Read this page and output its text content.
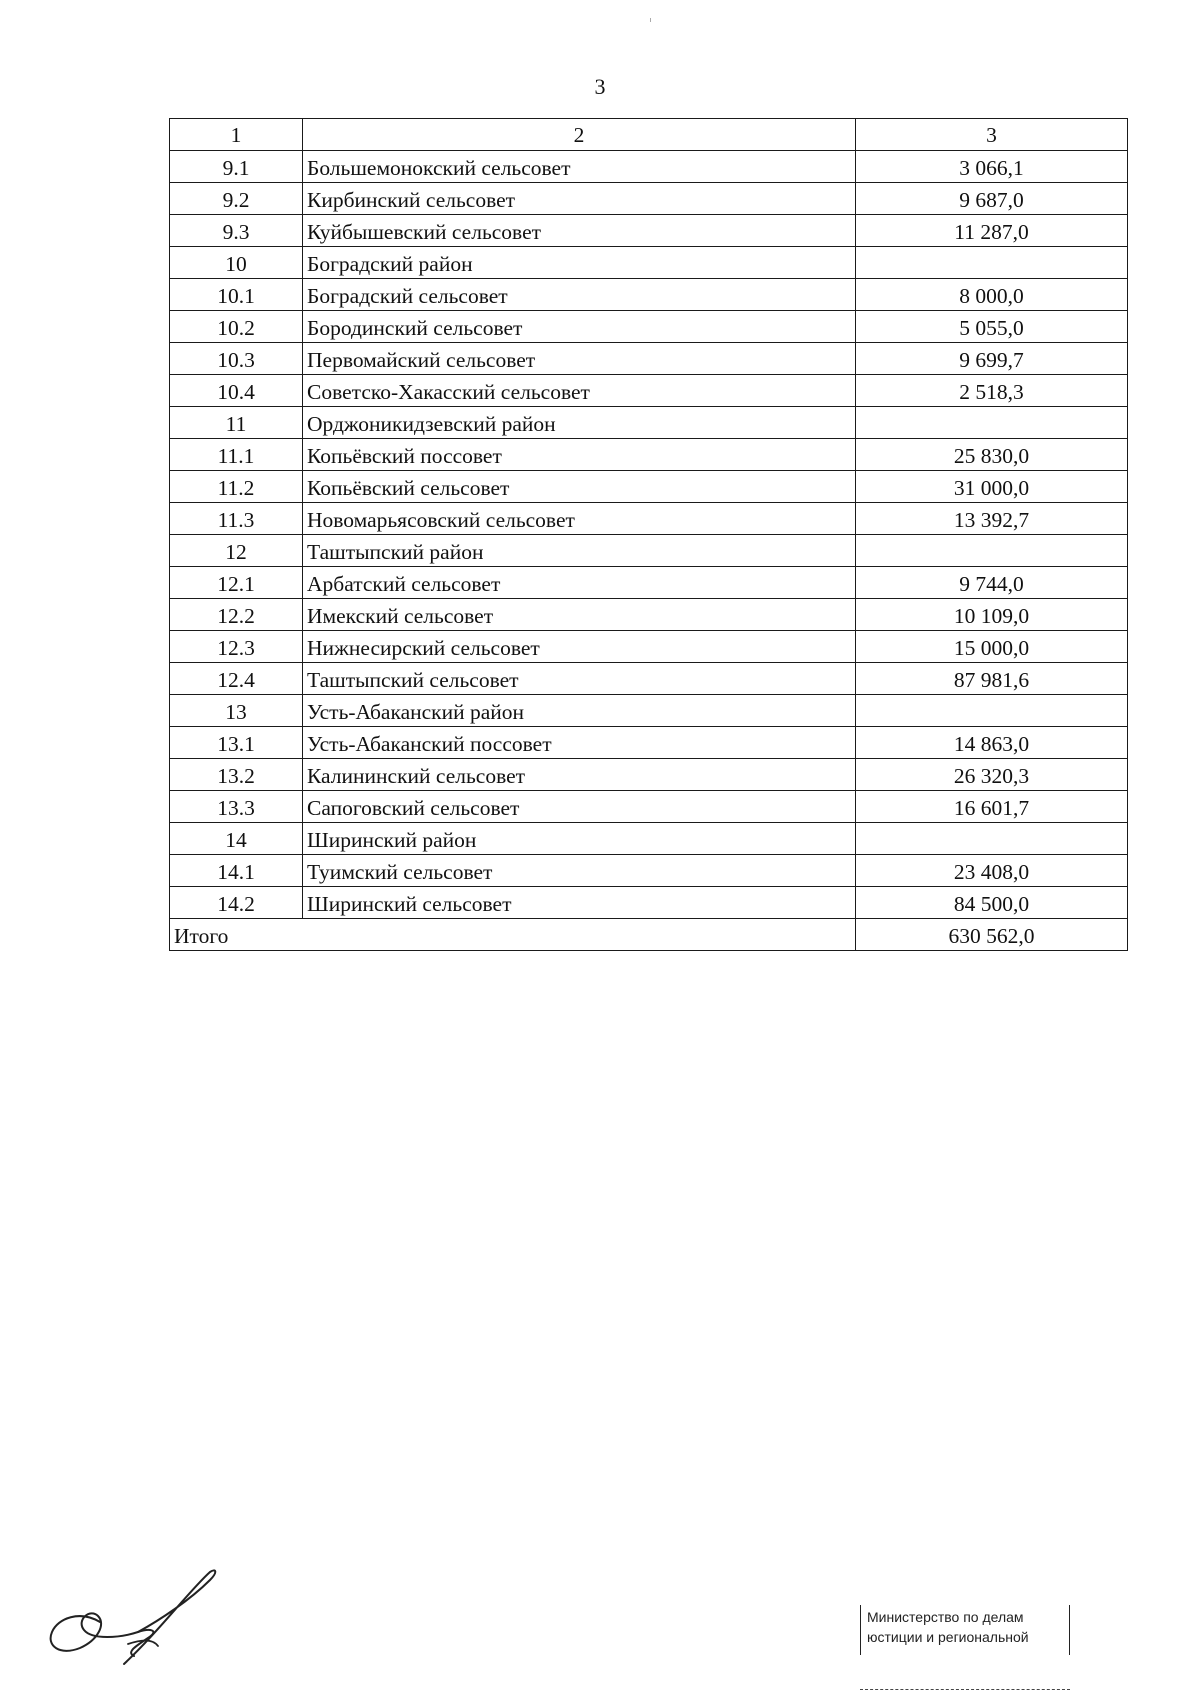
3
1	2	3
9.1	Большемонокский сельсовет	3 066,1
9.2	Кирбинский сельсовет	9 687,0
9.3	Куйбышевский сельсовет	11 287,0
10	Боградский район	
10.1	Боградский сельсовет	8 000,0
10.2	Бородинский сельсовет	5 055,0
10.3	Первомайский сельсовет	9 699,7
10.4	Советско-Хакасский сельсовет	2 518,3
11	Орджоникидзевский район	
11.1	Копьёвский поссовет	25 830,0
11.2	Копьёвский сельсовет	31 000,0
11.3	Новомарьясовский сельсовет	13 392,7
12	Таштыпский район	
12.1	Арбатский сельсовет	9 744,0
12.2	Имекский сельсовет	10 109,0
12.3	Нижнесирский сельсовет	15 000,0
12.4	Таштыпский сельсовет	87 981,6
13	Усть-Абаканский район	
13.1	Усть-Абаканский поссовет	14 863,0
13.2	Калининский сельсовет	26 320,3
13.3	Сапоговский сельсовет	16 601,7
14	Ширинский район	
14.1	Туимский сельсовет	23 408,0
14.2	Ширинский сельсовет	84 500,0
Итого		630 562,0
Министерство по делам
юстиции и региональной
